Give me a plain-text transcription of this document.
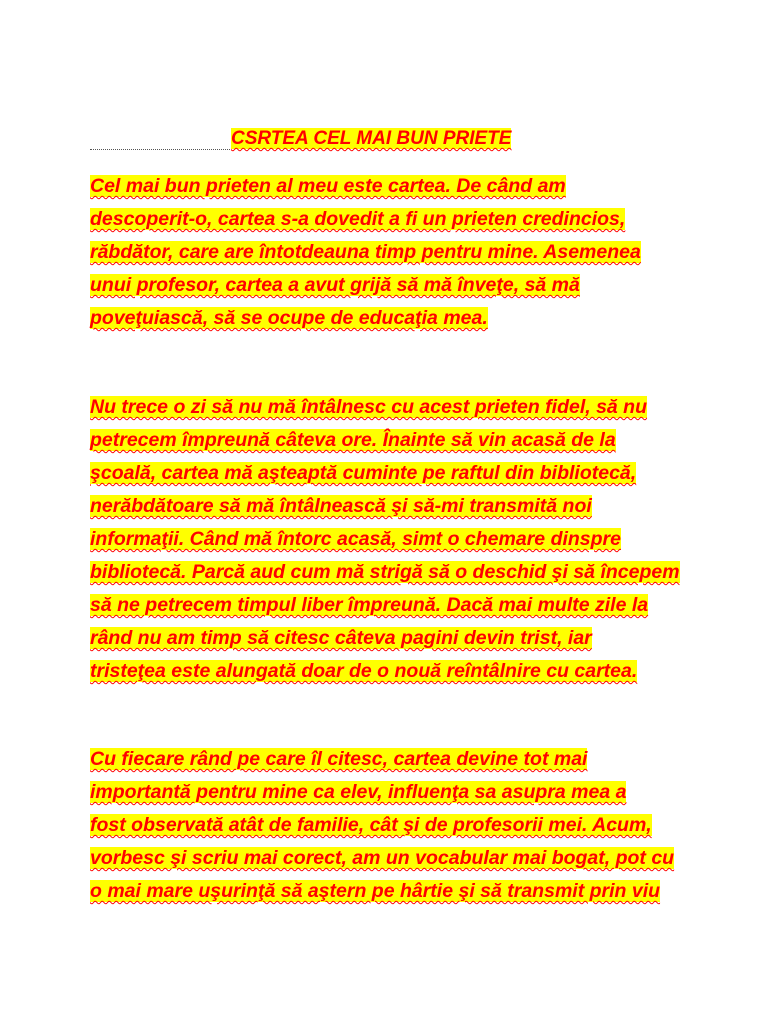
CSRTEA CEL MAI BUN PRIETE
Cel mai bun prieten al meu este cartea. De când am
descoperit-o, cartea s-a dovedit a fi un prieten credincios,
răbdător, care are întotdeauna timp pentru mine. Asemenea
unui profesor, cartea a avut grijă să mă înveţe, să mă
poveţuiască, să se ocupe de educaţia mea.
Nu trece o zi să nu mă întâlnesc cu acest prieten fidel, să nu
petrecem împreună câteva ore. Înainte să vin acasă de la
şcoală, cartea mă aşteaptă cuminte pe raftul din bibliotecă,
nerăbdătoare să mă întâlnească şi să-mi transmită noi
informaţii. Când mă întorc acasă, simt o chemare dinspre
bibliotecă. Parcă aud cum mă strigă să o deschid şi să începem
să ne petrecem timpul liber împreună. Dacă mai multe zile la
rând nu am timp să citesc câteva pagini devin trist, iar
tristeţea este alungată doar de o nouă reîntâlnire cu cartea.
Cu fiecare rând pe care îl citesc, cartea devine tot mai
importantă pentru mine ca elev, influenţa sa asupra mea a
fost observată atât de familie, cât şi de profesorii mei. Acum,
vorbesc şi scriu mai corect, am un vocabular mai bogat, pot cu
o mai mare uşurinţă să aştern pe hârtie şi să transmit prin viu
